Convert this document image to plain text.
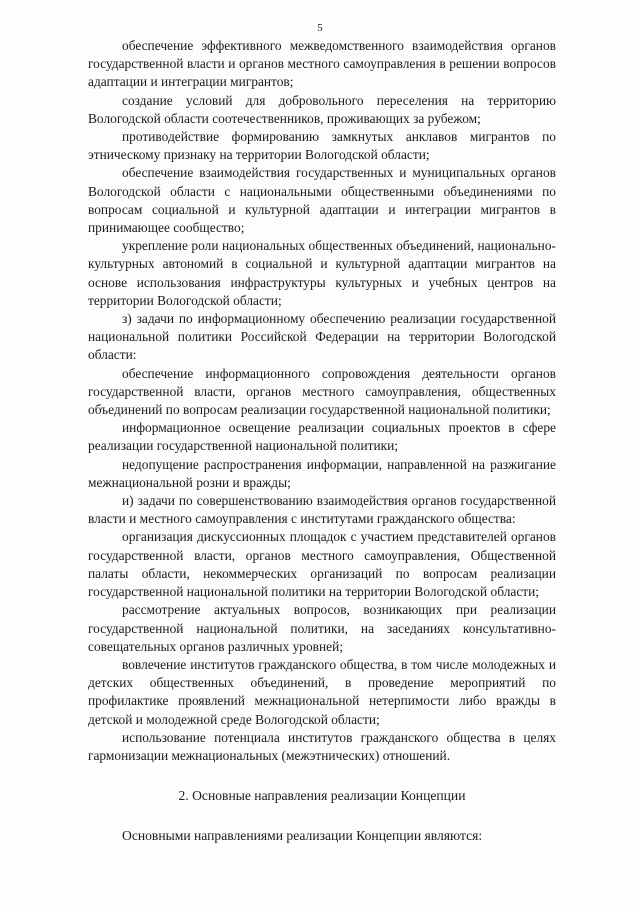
5

обеспечение эффективного межведомственного взаимодействия органов государственной власти и органов местного самоуправления в решении вопросов адаптации и интеграции мигрантов;

создание условий для добровольного переселения на территорию Вологодской области соотечественников, проживающих за рубежом;

противодействие формированию замкнутых анклавов мигрантов по этническому признаку на территории Вологодской области;

обеспечение взаимодействия государственных и муниципальных органов Вологодской области с национальными общественными объединениями по вопросам социальной и культурной адаптации и интеграции мигрантов в принимающее сообщество;

укрепление роли национальных общественных объединений, национально-культурных автономий в социальной и культурной адаптации мигрантов на основе использования инфраструктуры культурных и учебных центров на территории Вологодской области;

з) задачи по информационному обеспечению реализации государственной национальной политики Российской Федерации на территории Вологодской области:

обеспечение информационного сопровождения деятельности органов государственной власти, органов местного самоуправления, общественных объединений по вопросам реализации государственной национальной политики;

информационное освещение реализации социальных проектов в сфере реализации государственной национальной политики;

недопущение распространения информации, направленной на разжигание межнациональной розни и вражды;

и) задачи по совершенствованию взаимодействия органов государственной власти и местного самоуправления с институтами гражданского общества:

организация дискуссионных площадок с участием представителей органов государственной власти, органов местного самоуправления, Общественной палаты области, некоммерческих организаций по вопросам реализации государственной национальной политики на территории Вологодской области;

рассмотрение актуальных вопросов, возникающих при реализации государственной национальной политики, на заседаниях консультативно-совещательных органов различных уровней;

вовлечение институтов гражданского общества, в том числе молодежных и детских общественных объединений, в проведение мероприятий по профилактике проявлений межнациональной нетерпимости либо вражды в детской и молодежной среде Вологодской области;

использование потенциала институтов гражданского общества в целях гармонизации межнациональных (межэтнических) отношений.

2. Основные направления реализации Концепции

Основными направлениями реализации Концепции являются:
